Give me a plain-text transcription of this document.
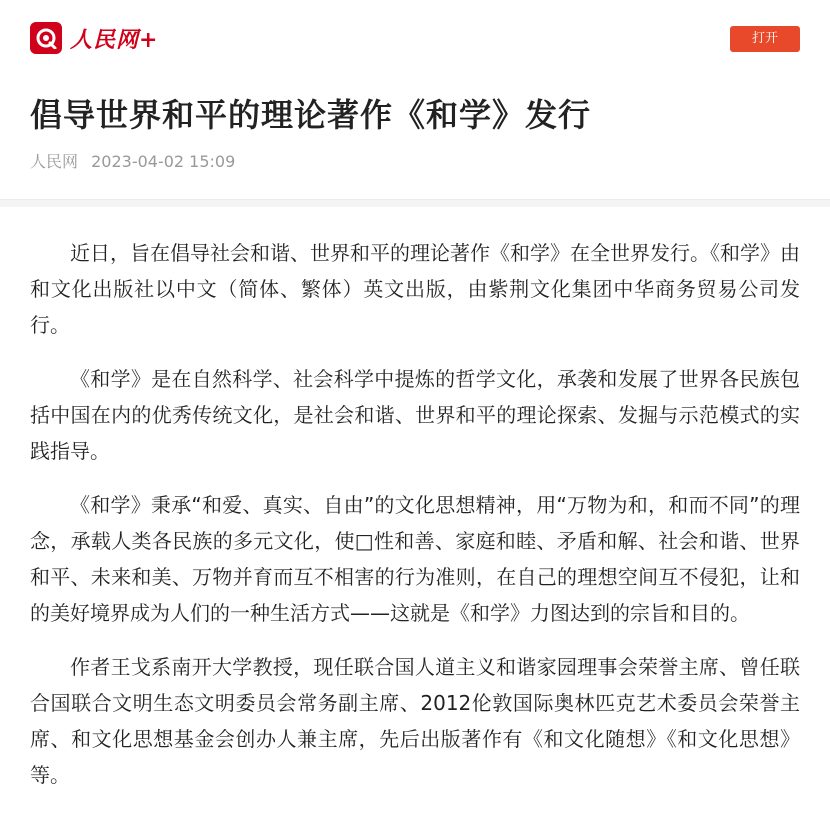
人民网+	打开
倡导世界和平的理论著作《和学》发行
人民网 2023-04-02 15:09

近日，旨在倡导社会和谐、世界和平的理论著作《和学》在全世界发行。《和学》由和文化出版社以中文（简体、繁体）英文出版，由紫荆文化集团中华商务贸易公司发行。

《和学》是在自然科学、社会科学中提炼的哲学文化，承袭和发展了世界各民族包括中国在内的优秀传统文化，是社会和谐、世界和平的理论探索、发掘与示范模式的实践指导。

《和学》秉承“和爱、真实、自由”的文化思想精神，用“万物为和，和而不同”的理念，承载人类各民族的多元文化，使□性和善、家庭和睦、矛盾和解、社会和谐、世界和平、未来和美、万物并育而互不相害的行为准则，在自己的理想空间互不侵犯，让和的美好境界成为人们的一种生活方式——这就是《和学》力图达到的宗旨和目的。

作者王戈系南开大学教授，现任联合国人道主义和谐家园理事会荣誉主席、曾任联合国联合文明生态文明委员会常务副主席、2012伦敦国际奥林匹克艺术委员会荣誉主席、和文化思想基金会创办人兼主席，先后出版著作有《和文化随想》《和文化思想》等。
